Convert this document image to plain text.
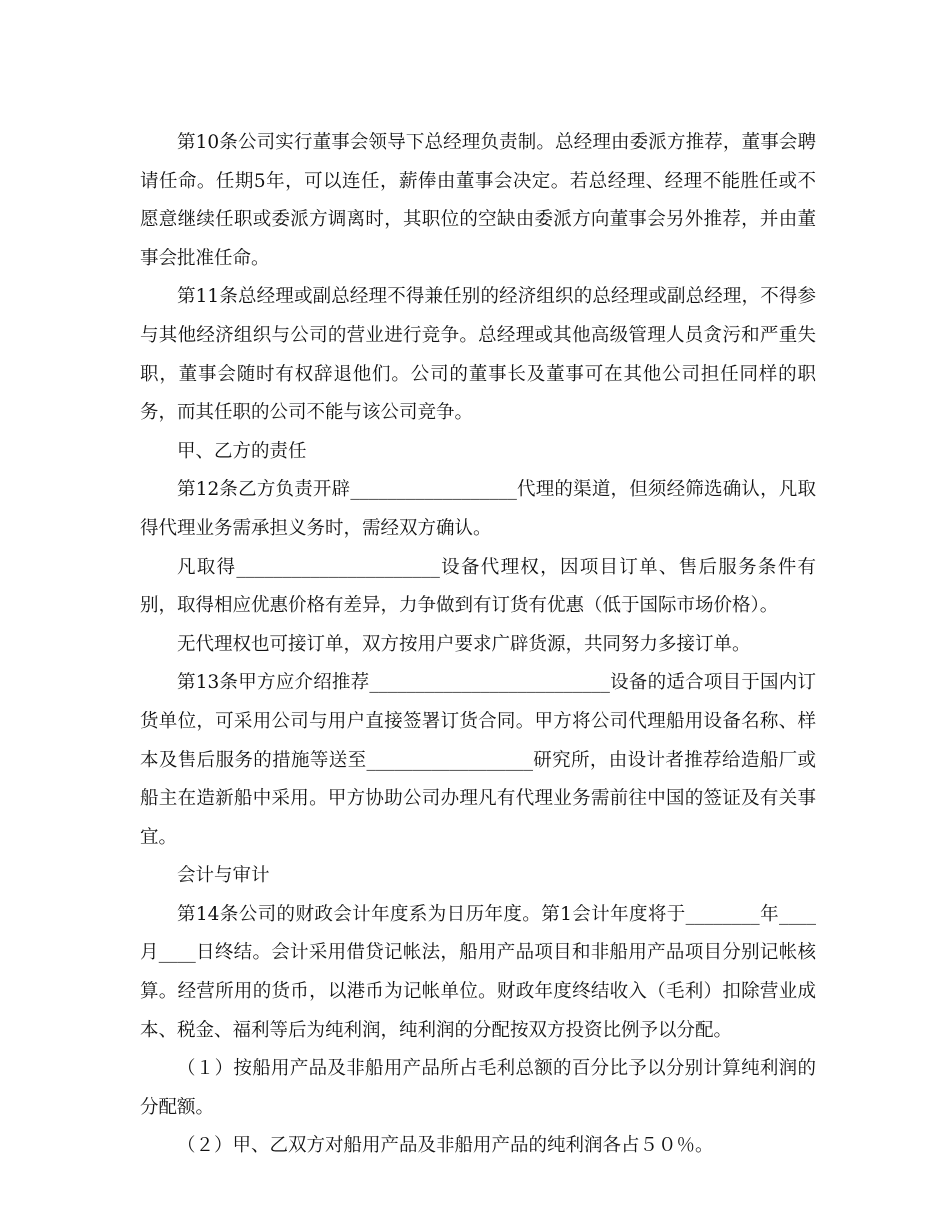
第10条公司实行董事会领导下总经理负责制。总经理由委派方推荐，董事会聘请任命。任期5年，可以连任，薪俸由董事会决定。若总经理、经理不能胜任或不愿意继续任职或委派方调离时，其职位的空缺由委派方向董事会另外推荐，并由董事会批准任命。

第11条总经理或副总经理不得兼任别的经济组织的总经理或副总经理，不得参与其他经济组织与公司的营业进行竞争。总经理或其他高级管理人员贪污和严重失职，董事会随时有权辞退他们。公司的董事长及董事可在其他公司担任同样的职务，而其任职的公司不能与该公司竞争。

甲、乙方的责任

第12条乙方负责开辟__________________代理的渠道，但须经筛选确认，凡取得代理业务需承担义务时，需经双方确认。

凡取得______________________设备代理权，因项目订单、售后服务条件有别，取得相应优惠价格有差异，力争做到有订货有优惠（低于国际市场价格）。

无代理权也可接订单，双方按用户要求广辟货源，共同努力多接订单。

第13条甲方应介绍推荐__________________________设备的适合项目于国内订货单位，可采用公司与用户直接签署订货合同。甲方将公司代理船用设备名称、样本及售后服务的措施等送至__________________研究所，由设计者推荐给造船厂或船主在造新船中采用。甲方协助公司办理凡有代理业务需前往中国的签证及有关事宜。

会计与审计

第14条公司的财政会计年度系为日历年度。第1会计年度将于________年____月____日终结。会计采用借贷记帐法，船用产品项目和非船用产品项目分别记帐核算。经营所用的货币，以港币为记帐单位。财政年度终结收入（毛利）扣除营业成本、税金、福利等后为纯利润，纯利润的分配按双方投资比例予以分配。

（１）按船用产品及非船用产品所占毛利总额的百分比予以分别计算纯利润的分配额。

（２）甲、乙双方对船用产品及非船用产品的纯利润各占５０％。
